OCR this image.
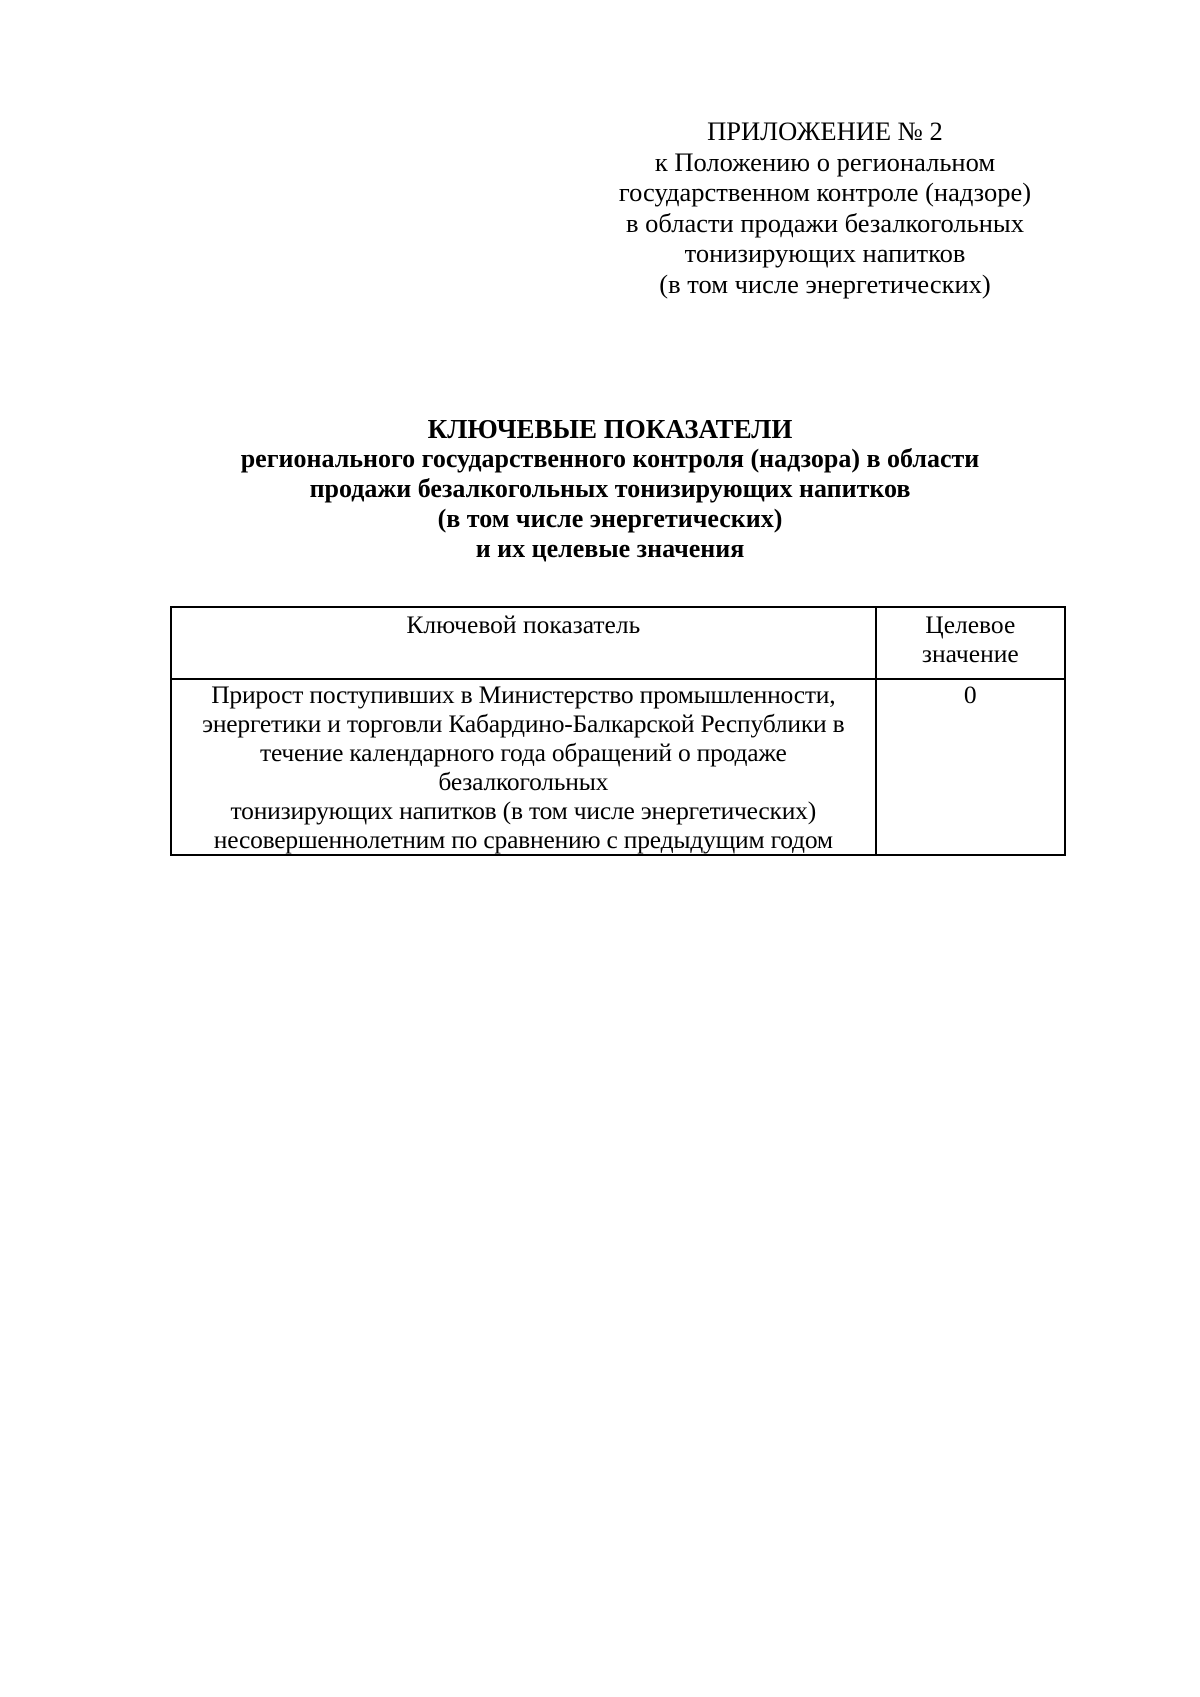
ПРИЛОЖЕНИЕ № 2
к Положению о региональном
государственном контроле (надзоре)
в области продажи безалкогольных
тонизирующих напитков
(в том числе энергетических)
КЛЮЧЕВЫЕ ПОКАЗАТЕЛИ
регионального государственного контроля (надзора) в области
продажи безалкогольных тонизирующих напитков
(в том числе энергетических)
и их целевые значения
Ключевой показатель	Целевое
значение
Прирост поступивших в Министерство промышленности,
энергетики и торговли Кабардино-Балкарской Республики в
течение календарного года обращений о продаже безалкогольных
тонизирующих напитков (в том числе энергетических)
несовершеннолетним по сравнению с предыдущим годом	0
